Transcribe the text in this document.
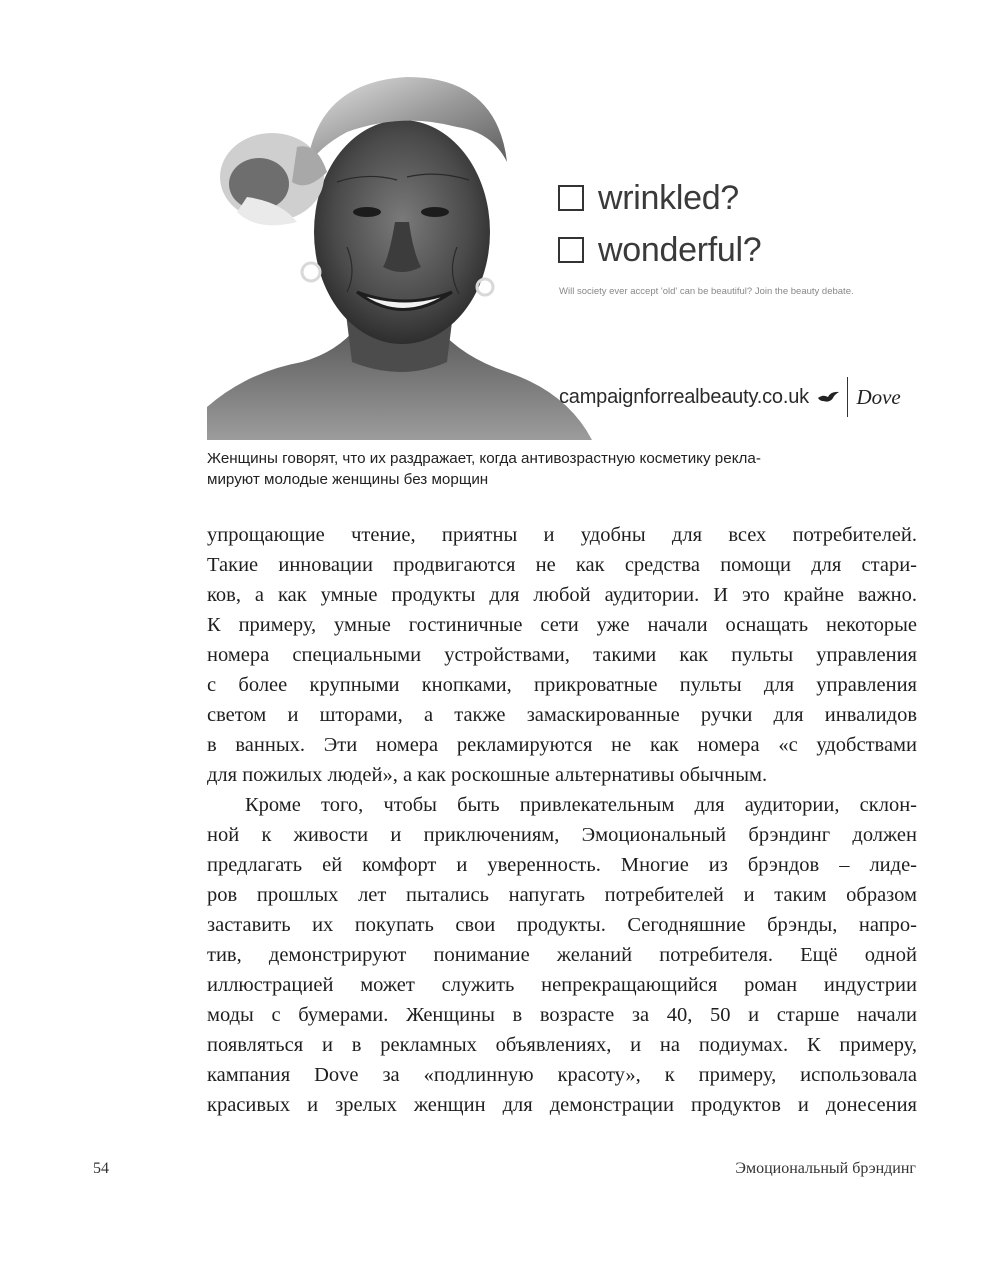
wrinkled?
wonderful?
Will society ever accept 'old' can be beautiful? Join the beauty debate.
campaignforrealbeauty.co.uk Dove
Женщины говорят, что их раздражает, когда антивозрастную косметику рекла-
мируют молодые женщины без морщин
упрощающие чтение, приятны и удобны для всех потребителей.
Такие инновации продвигаются не как средства помощи для стари-
ков, а как умные продукты для любой аудитории. И это крайне важно.
К примеру, умные гостиничные сети уже начали оснащать некоторые
номера специальными устройствами, такими как пульты управления
с более крупными кнопками, прикроватные пульты для управления
светом и шторами, а также замаскированные ручки для инвалидов
в ванных. Эти номера рекламируются не как номера «с удобствами
для пожилых людей», а как роскошные альтернативы обычным.
Кроме того, чтобы быть привлекательным для аудитории, склон-
ной к живости и приключениям, Эмоциональный брэндинг должен
предлагать ей комфорт и уверенность. Многие из брэндов – лиде-
ров прошлых лет пытались напугать потребителей и таким образом
заставить их покупать свои продукты. Сегодняшние брэнды, напро-
тив, демонстрируют понимание желаний потребителя. Ещё одной
иллюстрацией может служить непрекращающийся роман индустрии
моды с бумерами. Женщины в возрасте за 40, 50 и старше начали
появляться и в рекламных объявлениях, и на подиумах. К примеру,
кампания Dove за «подлинную красоту», к примеру, использовала
красивых и зрелых женщин для демонстрации продуктов и донесения
54	Эмоциональный брэндинг
